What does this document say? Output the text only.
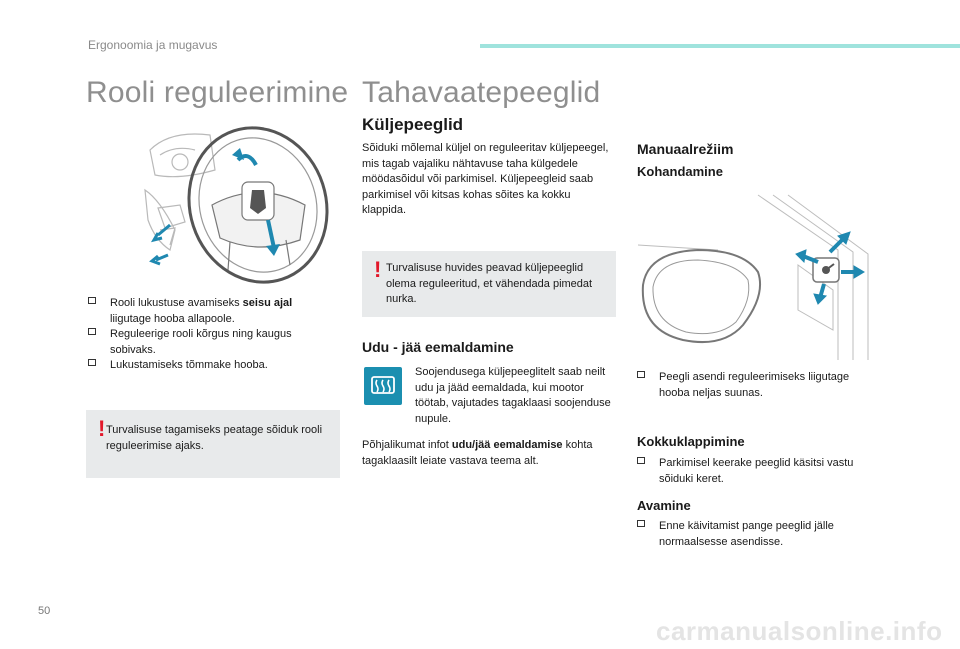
Ergonoomia ja mugavus
Rooli reguleerimine
Rooli lukustuse avamiseks seisu ajal liigutage hooba allapoole.
Reguleerige rooli kõrgus ning kaugus sobivaks.
Lukustamiseks tõmmake hooba.
! Turvalisuse tagamiseks peatage sõiduk rooli reguleerimise ajaks.
Tahavaatepeeglid
Küljepeeglid
Sõiduki mõlemal küljel on reguleeritav küljepeegel, mis tagab vajaliku nähtavuse taha külgedele möödasõidul või parkimisel. Küljepeegleid saab parkimisel või kitsas kohas sõites ka kokku klappida.
! Turvalisuse huvides peavad küljepeeglid olema reguleeritud, et vähendada pimedat nurka.
Udu - jää eemaldamine
Soojendusega küljepeeglitelt saab neilt udu ja jääd eemaldada, kui mootor töötab, vajutades tagaklaasi soojenduse nupule.
Põhjalikumat infot udu/jää eemaldamise kohta tagaklaasilt leiate vastava teema alt.
Manuaalrežiim
Kohandamine
Peegli asendi reguleerimiseks liigutage hooba neljas suunas.
Kokkuklappimine
Parkimisel keerake peeglid käsitsi vastu sõiduki keret.
Avamine
Enne käivitamist pange peeglid jälle normaalsesse asendisse.
50
carmanualsonline.info
